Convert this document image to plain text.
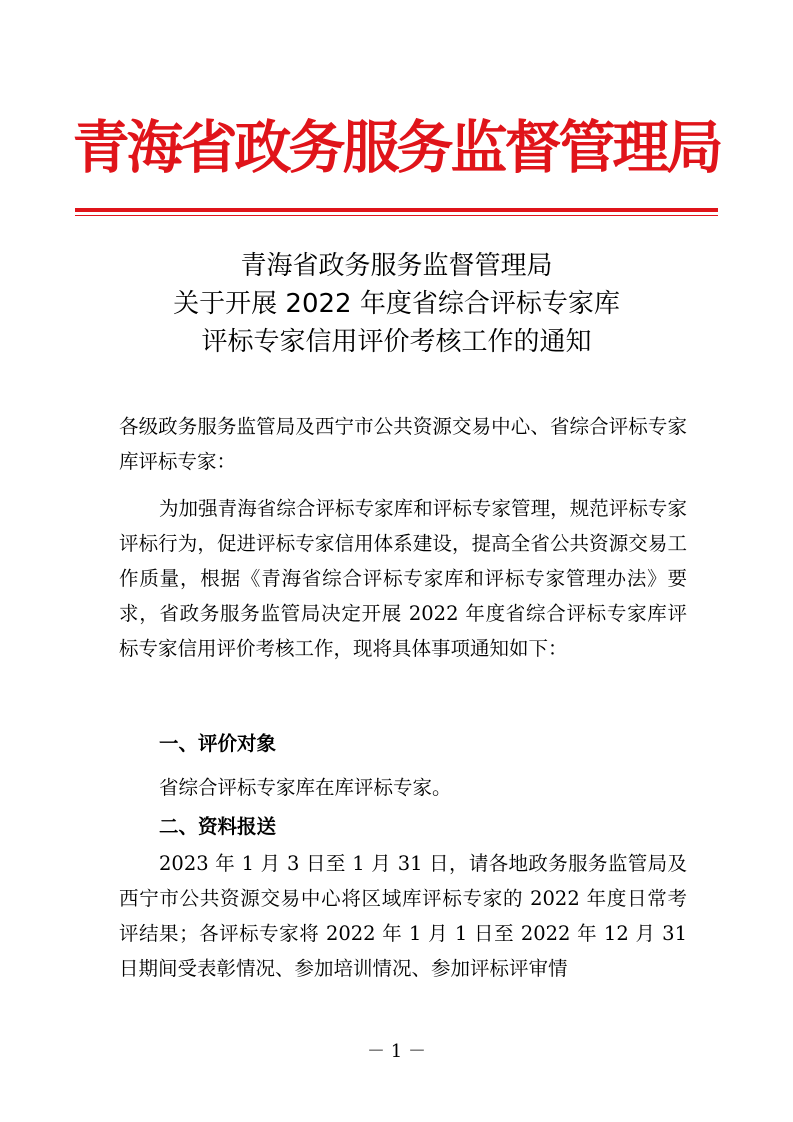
青海省政务服务监督管理局
青海省政务服务监督管理局
关于开展 2022 年度省综合评标专家库
评标专家信用评价考核工作的通知
各级政务服务监管局及西宁市公共资源交易中心、省综合评标专家库评标专家：
为加强青海省综合评标专家库和评标专家管理，规范评标专家评标行为，促进评标专家信用体系建设，提高全省公共资源交易工作质量，根据《青海省综合评标专家库和评标专家管理办法》要求，省政务服务监管局决定开展 2022 年度省综合评标专家库评标专家信用评价考核工作，现将具体事项通知如下：
一、评价对象
省综合评标专家库在库评标专家。
二、资料报送
2023 年 1 月 3 日至 1 月 31 日，请各地政务服务监管局及西宁市公共资源交易中心将区域库评标专家的 2022 年度日常考评结果；各评标专家将 2022 年 1 月 1 日至 2022 年 12 月 31 日期间受表彰情况、参加培训情况、参加评标评审情
－ 1 －
